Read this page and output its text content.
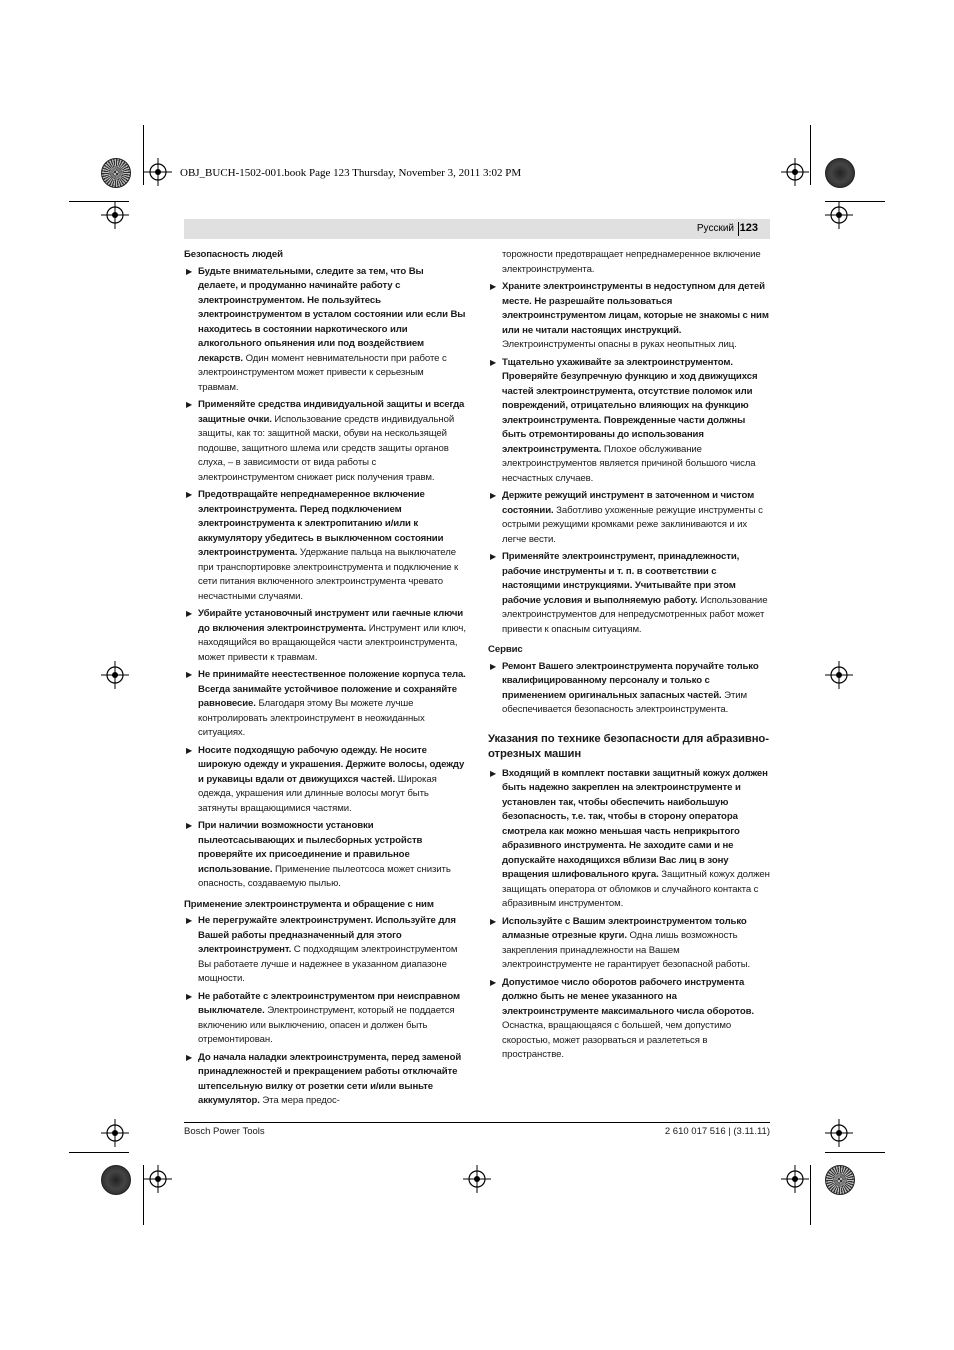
OBJ_BUCH-1502-001.book Page 123 Thursday, November 3, 2011 3:02 PM
Русский 123
Безопасность людей
▶ Будьте внимательными, следите за тем, что Вы делаете, и продуманно начинайте работу с электроинструментом. Не пользуйтесь электроинструментом в усталом состоянии или если Вы находитесь в состоянии наркотического или алкогольного опьянения или под воздействием лекарств. Один момент невнимательности при работе с электроинструментом может привести к серьезным травмам.
▶ Применяйте средства индивидуальной защиты и всегда защитные очки. Использование средств индивидуальной защиты, как то: защитной маски, обуви на нескользящей подошве, защитного шлема или средств защиты органов слуха, – в зависимости от вида работы с электроинструментом снижает риск получения травм.
▶ Предотвращайте непреднамеренное включение электроинструмента. Перед подключением электроинструмента к электропитанию и/или к аккумулятору убедитесь в выключенном состоянии электроинструмента. Удержание пальца на выключателе при транспортировке электроинструмента и подключение к сети питания включенного электроинструмента чревато несчастными случаями.
▶ Убирайте установочный инструмент или гаечные ключи до включения электроинструмента. Инструмент или ключ, находящийся во вращающейся части электроинструмента, может привести к травмам.
▶ Не принимайте неестественное положение корпуса тела. Всегда занимайте устойчивое положение и сохраняйте равновесие. Благодаря этому Вы можете лучше контролировать электроинструмент в неожиданных ситуациях.
▶ Носите подходящую рабочую одежду. Не носите широкую одежду и украшения. Держите волосы, одежду и рукавицы вдали от движущихся частей. Широкая одежда, украшения или длинные волосы могут быть затянуты вращающимися частями.
▶ При наличии возможности установки пылеотсасывающих и пылесборных устройств проверяйте их присоединение и правильное использование. Применение пылеотсоса может снизить опасность, создаваемую пылью.
Применение электроинструмента и обращение с ним
▶ Не перегружайте электроинструмент. Используйте для Вашей работы предназначенный для этого электроинструмент. С подходящим электроинструментом Вы работаете лучше и надежнее в указанном диапазоне мощности.
▶ Не работайте с электроинструментом при неисправном выключателе. Электроинструмент, который не поддается включению или выключению, опасен и должен быть отремонтирован.
▶ До начала наладки электроинструмента, перед заменой принадлежностей и прекращением работы отключайте штепсельную вилку от розетки сети и/или выньте аккумулятор. Эта мера предос-
торожности предотвращает непреднамеренное включение электроинструмента.
▶ Храните электроинструменты в недоступном для детей месте. Не разрешайте пользоваться электроинструментом лицам, которые не знакомы с ним или не читали настоящих инструкций. Электроинструменты опасны в руках неопытных лиц.
▶ Тщательно ухаживайте за электроинструментом. Проверяйте безупречную функцию и ход движущихся частей электроинструмента, отсутствие поломок или повреждений, отрицательно влияющих на функцию электроинструмента. Поврежденные части должны быть отремонтированы до использования электроинструмента. Плохое обслуживание электроинструментов является причиной большого числа несчастных случаев.
▶ Держите режущий инструмент в заточенном и чистом состоянии. Заботливо ухоженные режущие инструменты с острыми режущими кромками реже заклиниваются и их легче вести.
▶ Применяйте электроинструмент, принадлежности, рабочие инструменты и т. п. в соответствии с настоящими инструкциями. Учитывайте при этом рабочие условия и выполняемую работу. Использование электроинструментов для непредусмотренных работ может привести к опасным ситуациям.
Сервис
▶ Ремонт Вашего электроинструмента поручайте только квалифицированному персоналу и только с применением оригинальных запасных частей. Этим обеспечивается безопасность электроинструмента.
Указания по технике безопасности для абразивно-отрезных машин
▶ Входящий в комплект поставки защитный кожух должен быть надежно закреплен на электроинструменте и установлен так, чтобы обеспечить наибольшую безопасность, т.е. так, чтобы в сторону оператора смотрела как можно меньшая часть неприкрытого абразивного инструмента. Не заходите сами и не допускайте находящихся вблизи Вас лиц в зону вращения шлифовального круга. Защитный кожух должен защищать оператора от обломков и случайного контакта с абразивным инструментом.
▶ Используйте с Вашим электроинструментом только алмазные отрезные круги. Одна лишь возможность закрепления принадлежности на Вашем электроинструменте не гарантирует безопасной работы.
▶ Допустимое число оборотов рабочего инструмента должно быть не менее указанного на электроинструменте максимального числа оборотов. Оснастка, вращающаяся с большей, чем допустимо скоростью, может разорваться и разлететься в пространстве.
Bosch Power Tools	2 610 017 516 | (3.11.11)
